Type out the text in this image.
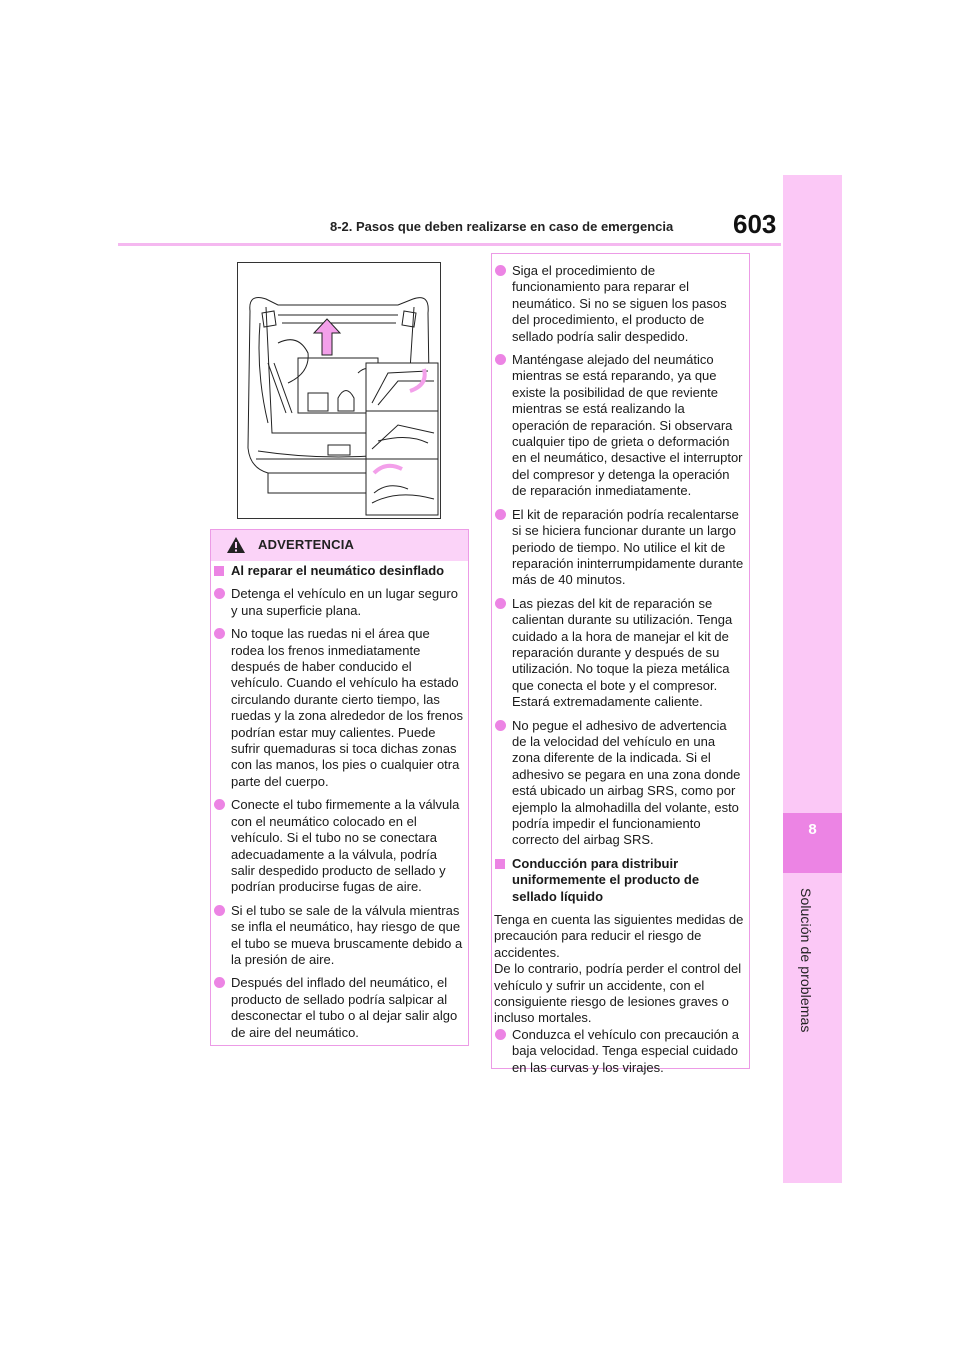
8-2. Pasos que deben realizarse en caso de emergencia 603
8
Solución de problemas
ADVERTENCIA
Al reparar el neumático desinflado
Detenga el vehículo en un lugar seguro y una superficie plana.
No toque las ruedas ni el área que rodea los frenos inmediatamente después de haber conducido el vehículo. Cuando el vehículo ha estado circulando durante cierto tiempo, las ruedas y la zona alrededor de los frenos podrían estar muy calientes. Puede sufrir quemaduras si toca dichas zonas con las manos, los pies o cualquier otra parte del cuerpo.
Conecte el tubo firmemente a la válvula con el neumático colocado en el vehículo. Si el tubo no se conectara adecuadamente a la válvula, podría salir despedido producto de sellado y podrían producirse fugas de aire.
Si el tubo se sale de la válvula mientras se infla el neumático, hay riesgo de que el tubo se mueva bruscamente debido a la presión de aire.
Después del inflado del neumático, el producto de sellado podría salpicar al desconectar el tubo o al dejar salir algo de aire del neumático.
Siga el procedimiento de funcionamiento para reparar el neumático. Si no se siguen los pasos del procedimiento, el producto de sellado podría salir despedido.
Manténgase alejado del neumático mientras se está reparando, ya que existe la posibilidad de que reviente mientras se está realizando la operación de reparación. Si observara cualquier tipo de grieta o deformación en el neumático, desactive el interruptor del compresor y detenga la operación de reparación inmediatamente.
El kit de reparación podría recalentarse si se hiciera funcionar durante un largo periodo de tiempo. No utilice el kit de reparación ininterrumpidamente durante más de 40 minutos.
Las piezas del kit de reparación se calientan durante su utilización. Tenga cuidado a la hora de manejar el kit de reparación durante y después de su utilización. No toque la pieza metálica que conecta el bote y el compresor. Estará extremadamente caliente.
No pegue el adhesivo de advertencia de la velocidad del vehículo en una zona diferente de la indicada. Si el adhesivo se pegara en una zona donde está ubicado un airbag SRS, como por ejemplo la almohadilla del volante, esto podría impedir el funcionamiento correcto del airbag SRS.
Conducción para distribuir uniformemente el producto de sellado líquido

Tenga en cuenta las siguientes medidas de precaución para reducir el riesgo de accidentes.

De lo contrario, podría perder el control del vehículo y sufrir un accidente, con el consiguiente riesgo de lesiones graves o incluso mortales.

Conduzca el vehículo con precaución a baja velocidad. Tenga especial cuidado en las curvas y los virajes.
